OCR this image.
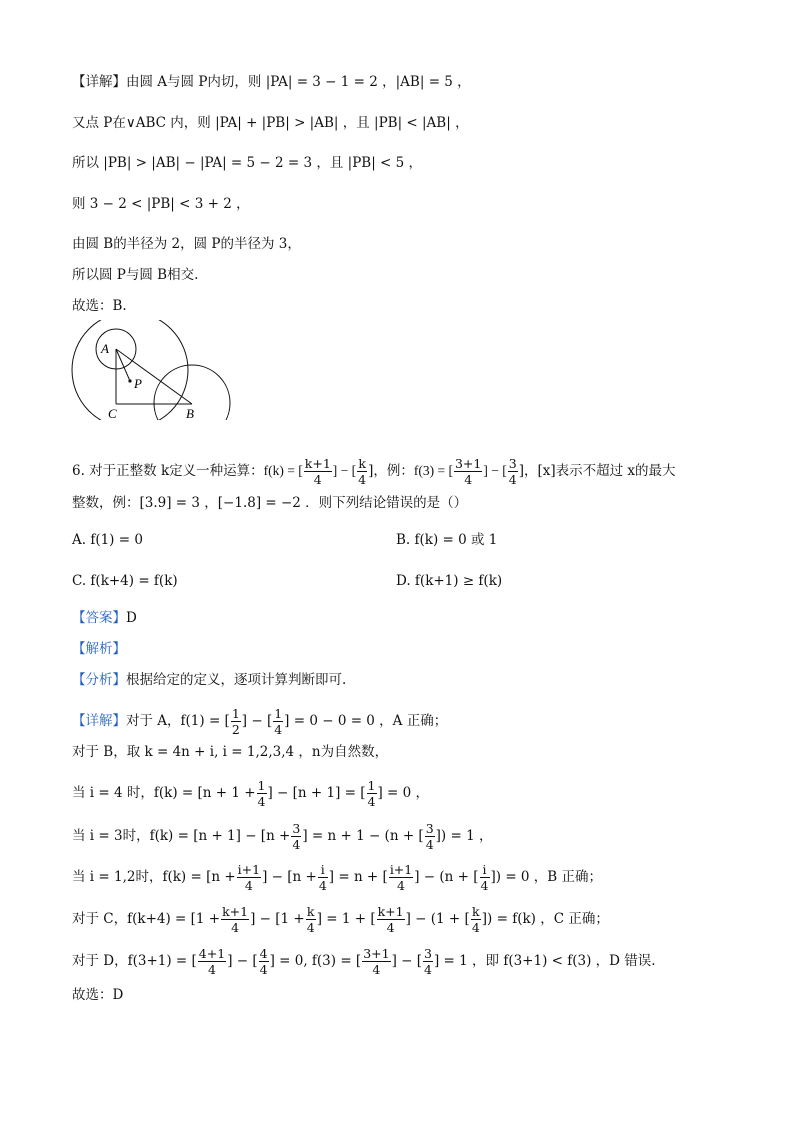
【详解】由圆 A与圆 P内切，则 |PA| = 3 − 1 = 2 ，|AB| = 5 ，
又点 P在∨ABC 内，则 |PA| + |PB| > |AB| ，且 |PB| < |AB| ，
所以 |PB| > |AB| − |PA| = 5 − 2 = 3 ，且 |PB| < 5 ，
则 3 − 2 < |PB| < 3 + 2 ，
由圆 B的半径为 2，圆 P的半径为 3，
所以圆 P与圆 B相交.
故选：B.
A
P
C	B
6. 对于正整数 k定义一种运算：f(k) = [ $\frac{k+1}{4}$ ] − [ $\frac{k}{4}$ ]，例：f(3) = [ $\frac{3+1}{4}$ ] − [ $\frac{3}{4}$ ]，[x]表示不超过 x的最大
整数，例：[3.9] = 3 ，[−1.8] = −2 ．则下列结论错误的是（）
A. f(1) = 0	B. f(k) = 0 或 1
C. f(k+4) = f(k)	D. f(k+1) ≥ f(k)
【答案】D
【解析】
【分析】根据给定的定义，逐项计算判断即可.
【详解】对于 A，f(1) = [ $\frac{1}{2}$ ] − [ $\frac{1}{4}$ ] = 0 − 0 = 0 ，A 正确；
对于 B，取 k = 4n + i, i = 1,2,3,4 ，n为自然数，
当 i = 4 时，$f(k) = [n + 1 + \frac{1}{4}$ ] − [n + 1] = [ $\frac{1}{4}$ ] = 0 ，
当 i = 3时，$f(k) = [n + 1] - [n + \frac{3}{4}$ ] = n + 1 − (n + [ $\frac{3}{4}$ ]) = 1 ，
当 i = 1,2时，$f(k) = [n + \frac{i+1}{4}$ ] − [$n + \frac{i}{4}$ ] = n + [ $\frac{i+1}{4}$ ] − (n + [ $\frac{i}{4}$ ]) = 0 ，B 正确；
对于 C，$f(k+4) = [1 + \frac{k+1}{4}$ ] − [$1 + \frac{k}{4}$ ] = 1 + [ $\frac{k+1}{4}$ ] − (1 + [ $\frac{k}{4}$ ]) = f(k) ，C 正确；
对于 D，f(3+1) = [ $\frac{4+1}{4}$ ] − [ $\frac{4}{4}$ ] = 0, f(3) = [ $\frac{3+1}{4}$ ] − [ $\frac{3}{4}$ ] = 1 ，即 f(3+1) < f(3) ，D 错误.
故选：D
